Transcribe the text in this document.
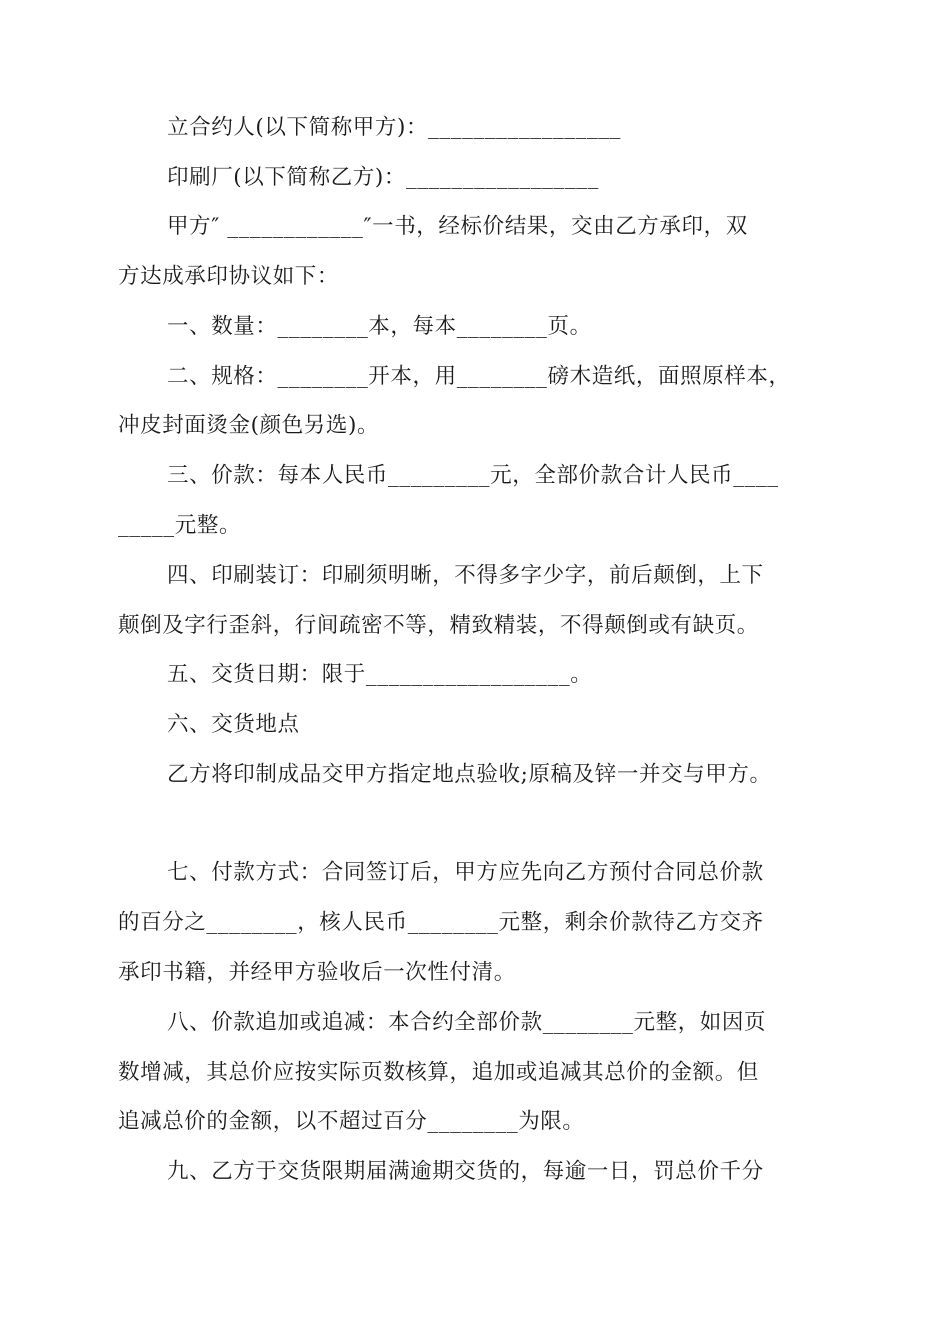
立合约人(以下简称甲方)：_________________
印刷厂(以下简称乙方)：_________________
甲方″ ____________″一书，经标价结果，交由乙方承印，双
方达成承印协议如下：
一、数量：________本，每本________页。
二、规格：________开本，用________磅木造纸，面照原样本，
冲皮封面烫金(颜色另选)。
三、价款：每本人民币_________元，全部价款合计人民币____
_____元整。
四、印刷装订：印刷须明晰，不得多字少字，前后颠倒，上下
颠倒及字行歪斜，行间疏密不等，精致精装，不得颠倒或有缺页。
五、交货日期：限于__________________。
六、交货地点
乙方将印制成品交甲方指定地点验收;原稿及锌一并交与甲方。
七、付款方式：合同签订后，甲方应先向乙方预付合同总价款
的百分之________，核人民币________元整，剩余价款待乙方交齐
承印书籍，并经甲方验收后一次性付清。
八、价款追加或追减：本合约全部价款________元整，如因页
数增减，其总价应按实际页数核算，追加或追减其总价的金额。但
追减总价的金额，以不超过百分________为限。
九、乙方于交货限期届满逾期交货的，每逾一日，罚总价千分
